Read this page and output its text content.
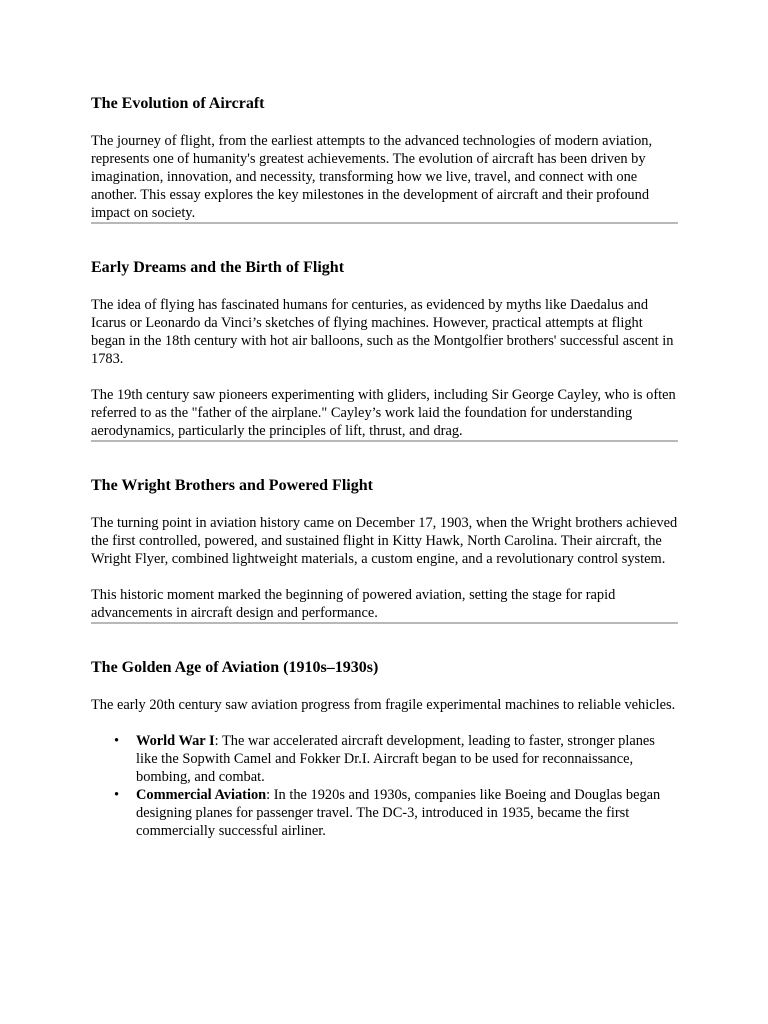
The Evolution of Aircraft

The journey of flight, from the earliest attempts to the advanced technologies of modern aviation, represents one of humanity's greatest achievements. The evolution of aircraft has been driven by imagination, innovation, and necessity, transforming how we live, travel, and connect with one another. This essay explores the key milestones in the development of aircraft and their profound impact on society.

Early Dreams and the Birth of Flight

The idea of flying has fascinated humans for centuries, as evidenced by myths like Daedalus and Icarus or Leonardo da Vinci’s sketches of flying machines. However, practical attempts at flight began in the 18th century with hot air balloons, such as the Montgolfier brothers' successful ascent in 1783.

The 19th century saw pioneers experimenting with gliders, including Sir George Cayley, who is often referred to as the "father of the airplane." Cayley’s work laid the foundation for understanding aerodynamics, particularly the principles of lift, thrust, and drag.

The Wright Brothers and Powered Flight

The turning point in aviation history came on December 17, 1903, when the Wright brothers achieved the first controlled, powered, and sustained flight in Kitty Hawk, North Carolina. Their aircraft, the Wright Flyer, combined lightweight materials, a custom engine, and a revolutionary control system.

This historic moment marked the beginning of powered aviation, setting the stage for rapid advancements in aircraft design and performance.

The Golden Age of Aviation (1910s–1930s)

The early 20th century saw aviation progress from fragile experimental machines to reliable vehicles.

• World War I: The war accelerated aircraft development, leading to faster, stronger planes like the Sopwith Camel and Fokker Dr.I. Aircraft began to be used for reconnaissance, bombing, and combat.
• Commercial Aviation: In the 1920s and 1930s, companies like Boeing and Douglas began designing planes for passenger travel. The DC-3, introduced in 1935, became the first commercially successful airliner.
